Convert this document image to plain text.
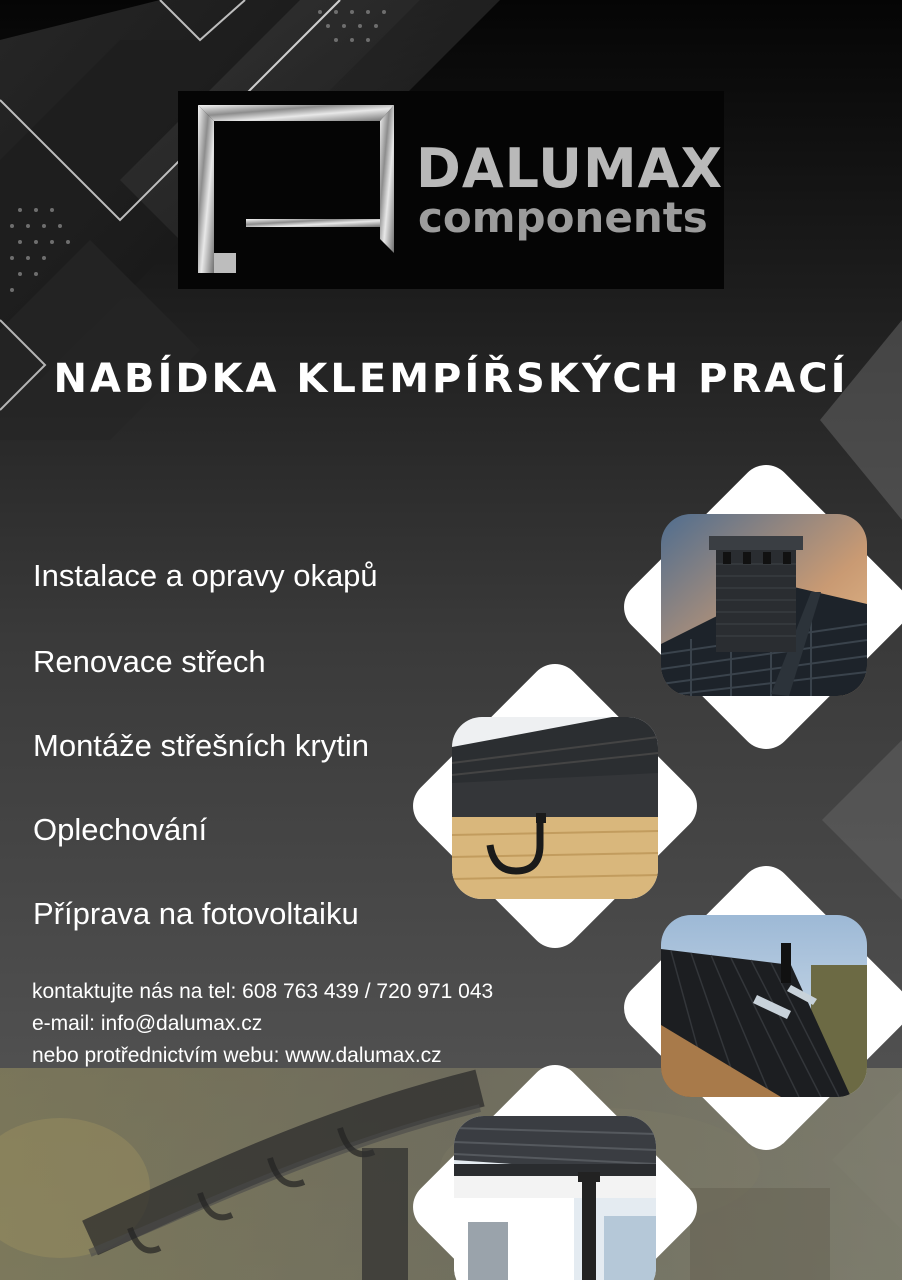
DALUMAX
components
NABÍDKA KLEMPÍŘSKÝCH PRACÍ
Instalace a opravy okapů
Renovace střech
Montáže střešních krytin
Oplechování
Příprava na fotovoltaiku
kontaktujte nás na tel: 608 763 439 / 720 971 043
e-mail: info@dalumax.cz
nebo protřednictvím webu: www.dalumax.cz
